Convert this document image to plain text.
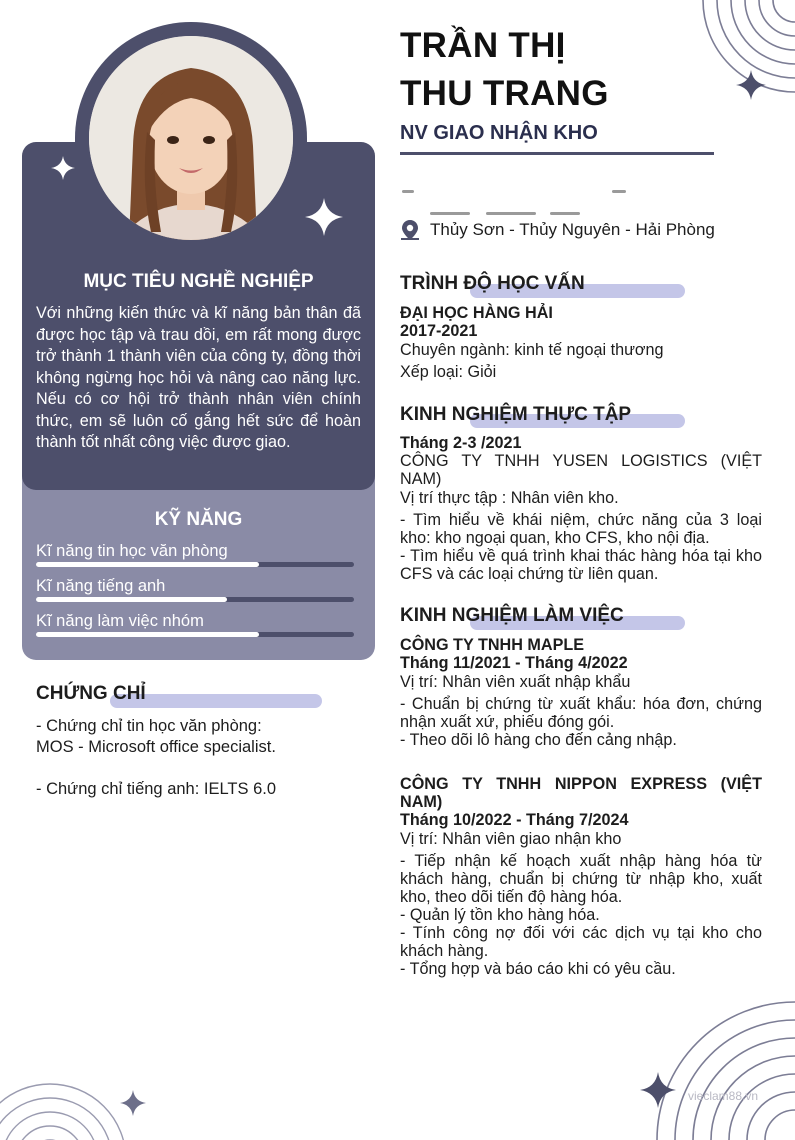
MỤC TIÊU NGHỀ NGHIỆP
Với những kiến thức và kĩ năng bản thân đã được học tập và trau dồi, em rất mong được trở thành 1 thành viên của công ty, đồng thời không ngừng học hỏi và nâng cao năng lực. Nếu có cơ hội trở thành nhân viên chính thức, em sẽ luôn cố gắng hết sức để hoàn thành tốt nhất công việc được giao.
KỸ NĂNG
Kĩ năng tin học văn phòng
Kĩ năng tiếng anh
Kĩ năng làm việc nhóm
CHỨNG CHỈ
- Chứng chỉ tin học văn phòng:
MOS - Microsoft office specialist.
- Chứng chỉ tiếng anh: IELTS 6.0
TRẦN THỊ
THU TRANG
NV GIAO NHẬN KHO
Thủy Sơn - Thủy Nguyên - Hải Phòng
TRÌNH ĐỘ HỌC VẤN
ĐẠI HỌC HÀNG HẢI
2017-2021
Chuyên ngành: kinh tế ngoại thương
Xếp loại: Giỏi
KINH NGHIỆM THỰC TẬP
Tháng 2-3 /2021
CÔNG TY TNHH YUSEN LOGISTICS (VIỆT NAM)
Vị trí thực tập : Nhân viên kho.
- Tìm hiểu về khái niệm, chức năng của 3 loại kho: kho ngoại quan, kho CFS, kho nội địa.
- Tìm hiểu về quá trình khai thác hàng hóa tại kho CFS và các loại chứng từ liên quan.
KINH NGHIỆM LÀM VIỆC
CÔNG TY TNHH MAPLE
Tháng 11/2021 - Tháng 4/2022
Vị trí: Nhân viên xuất nhập khẩu
- Chuẩn bị chứng từ xuất khẩu: hóa đơn, chứng nhận xuất xứ, phiếu đóng gói.
- Theo dõi lô hàng cho đến cảng nhập.
CÔNG TY TNHH NIPPON EXPRESS (VIỆT NAM)
Tháng 10/2022 - Tháng 7/2024
Vị trí: Nhân viên giao nhận kho
- Tiếp nhận kế hoạch xuất nhập hàng hóa từ khách hàng, chuẩn bị chứng từ nhập kho, xuất kho, theo dõi tiến độ hàng hóa.
- Quản lý tồn kho hàng hóa.
- Tính công nợ đối với các dịch vụ tại kho cho khách hàng.
- Tổng hợp và báo cáo khi có yêu cầu.
vieclam88.vn
